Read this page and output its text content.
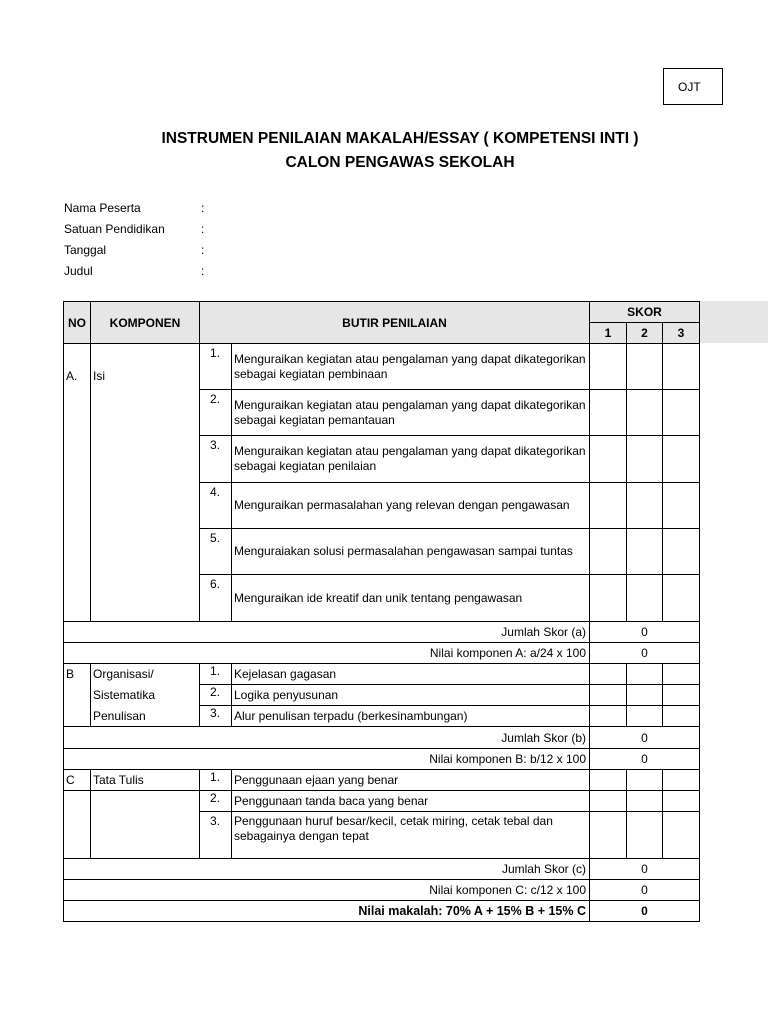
OJT
INSTRUMEN PENILAIAN MAKALAH/ESSAY ( KOMPETENSI INTI )
CALON PENGAWAS SEKOLAH
Nama Peserta	:
Satuan Pendidikan	:
Tanggal	:
Judul	:
NO	KOMPONEN	BUTIR PENILAIAN		SKOR		
				1	2	3
A.	Isi	1.	Menguraikan kegiatan atau pengalaman yang dapat dikategorikan sebagai kegiatan pembinaan			
		2.	Menguraikan kegiatan atau pengalaman yang dapat dikategorikan sebagai kegiatan pemantauan			
		3.	Menguraikan kegiatan atau pengalaman yang dapat dikategorikan sebagai kegiatan penilaian			
		4.	Menguraikan permasalahan yang relevan dengan pengawasan			
		5.	Menguraiakan solusi permasalahan pengawasan sampai tuntas			
		6.	Menguraikan ide kreatif dan unik tentang pengawasan			
Jumlah Skor (a)				0		
Nilai komponen A: a/24 x 100				0		
B	Organisasi/	1.	Kejelasan gagasan			
	Sistematika	2.	Logika penyusunan			
	Penulisan	3.	Alur penulisan terpadu (berkesinambungan)			
Jumlah Skor (b)				0		
Nilai komponen B: b/12 x 100				0		
C	Tata Tulis	1.	Penggunaan ejaan yang benar			
		2.	Penggunaan tanda baca yang benar			
		3.	Penggunaan huruf besar/kecil, cetak miring, cetak tebal dan sebagainya dengan tepat			
Jumlah Skor (c)				0		
Nilai komponen C: c/12 x 100				0		
Nilai makalah: 70% A + 15% B + 15% C				0		
